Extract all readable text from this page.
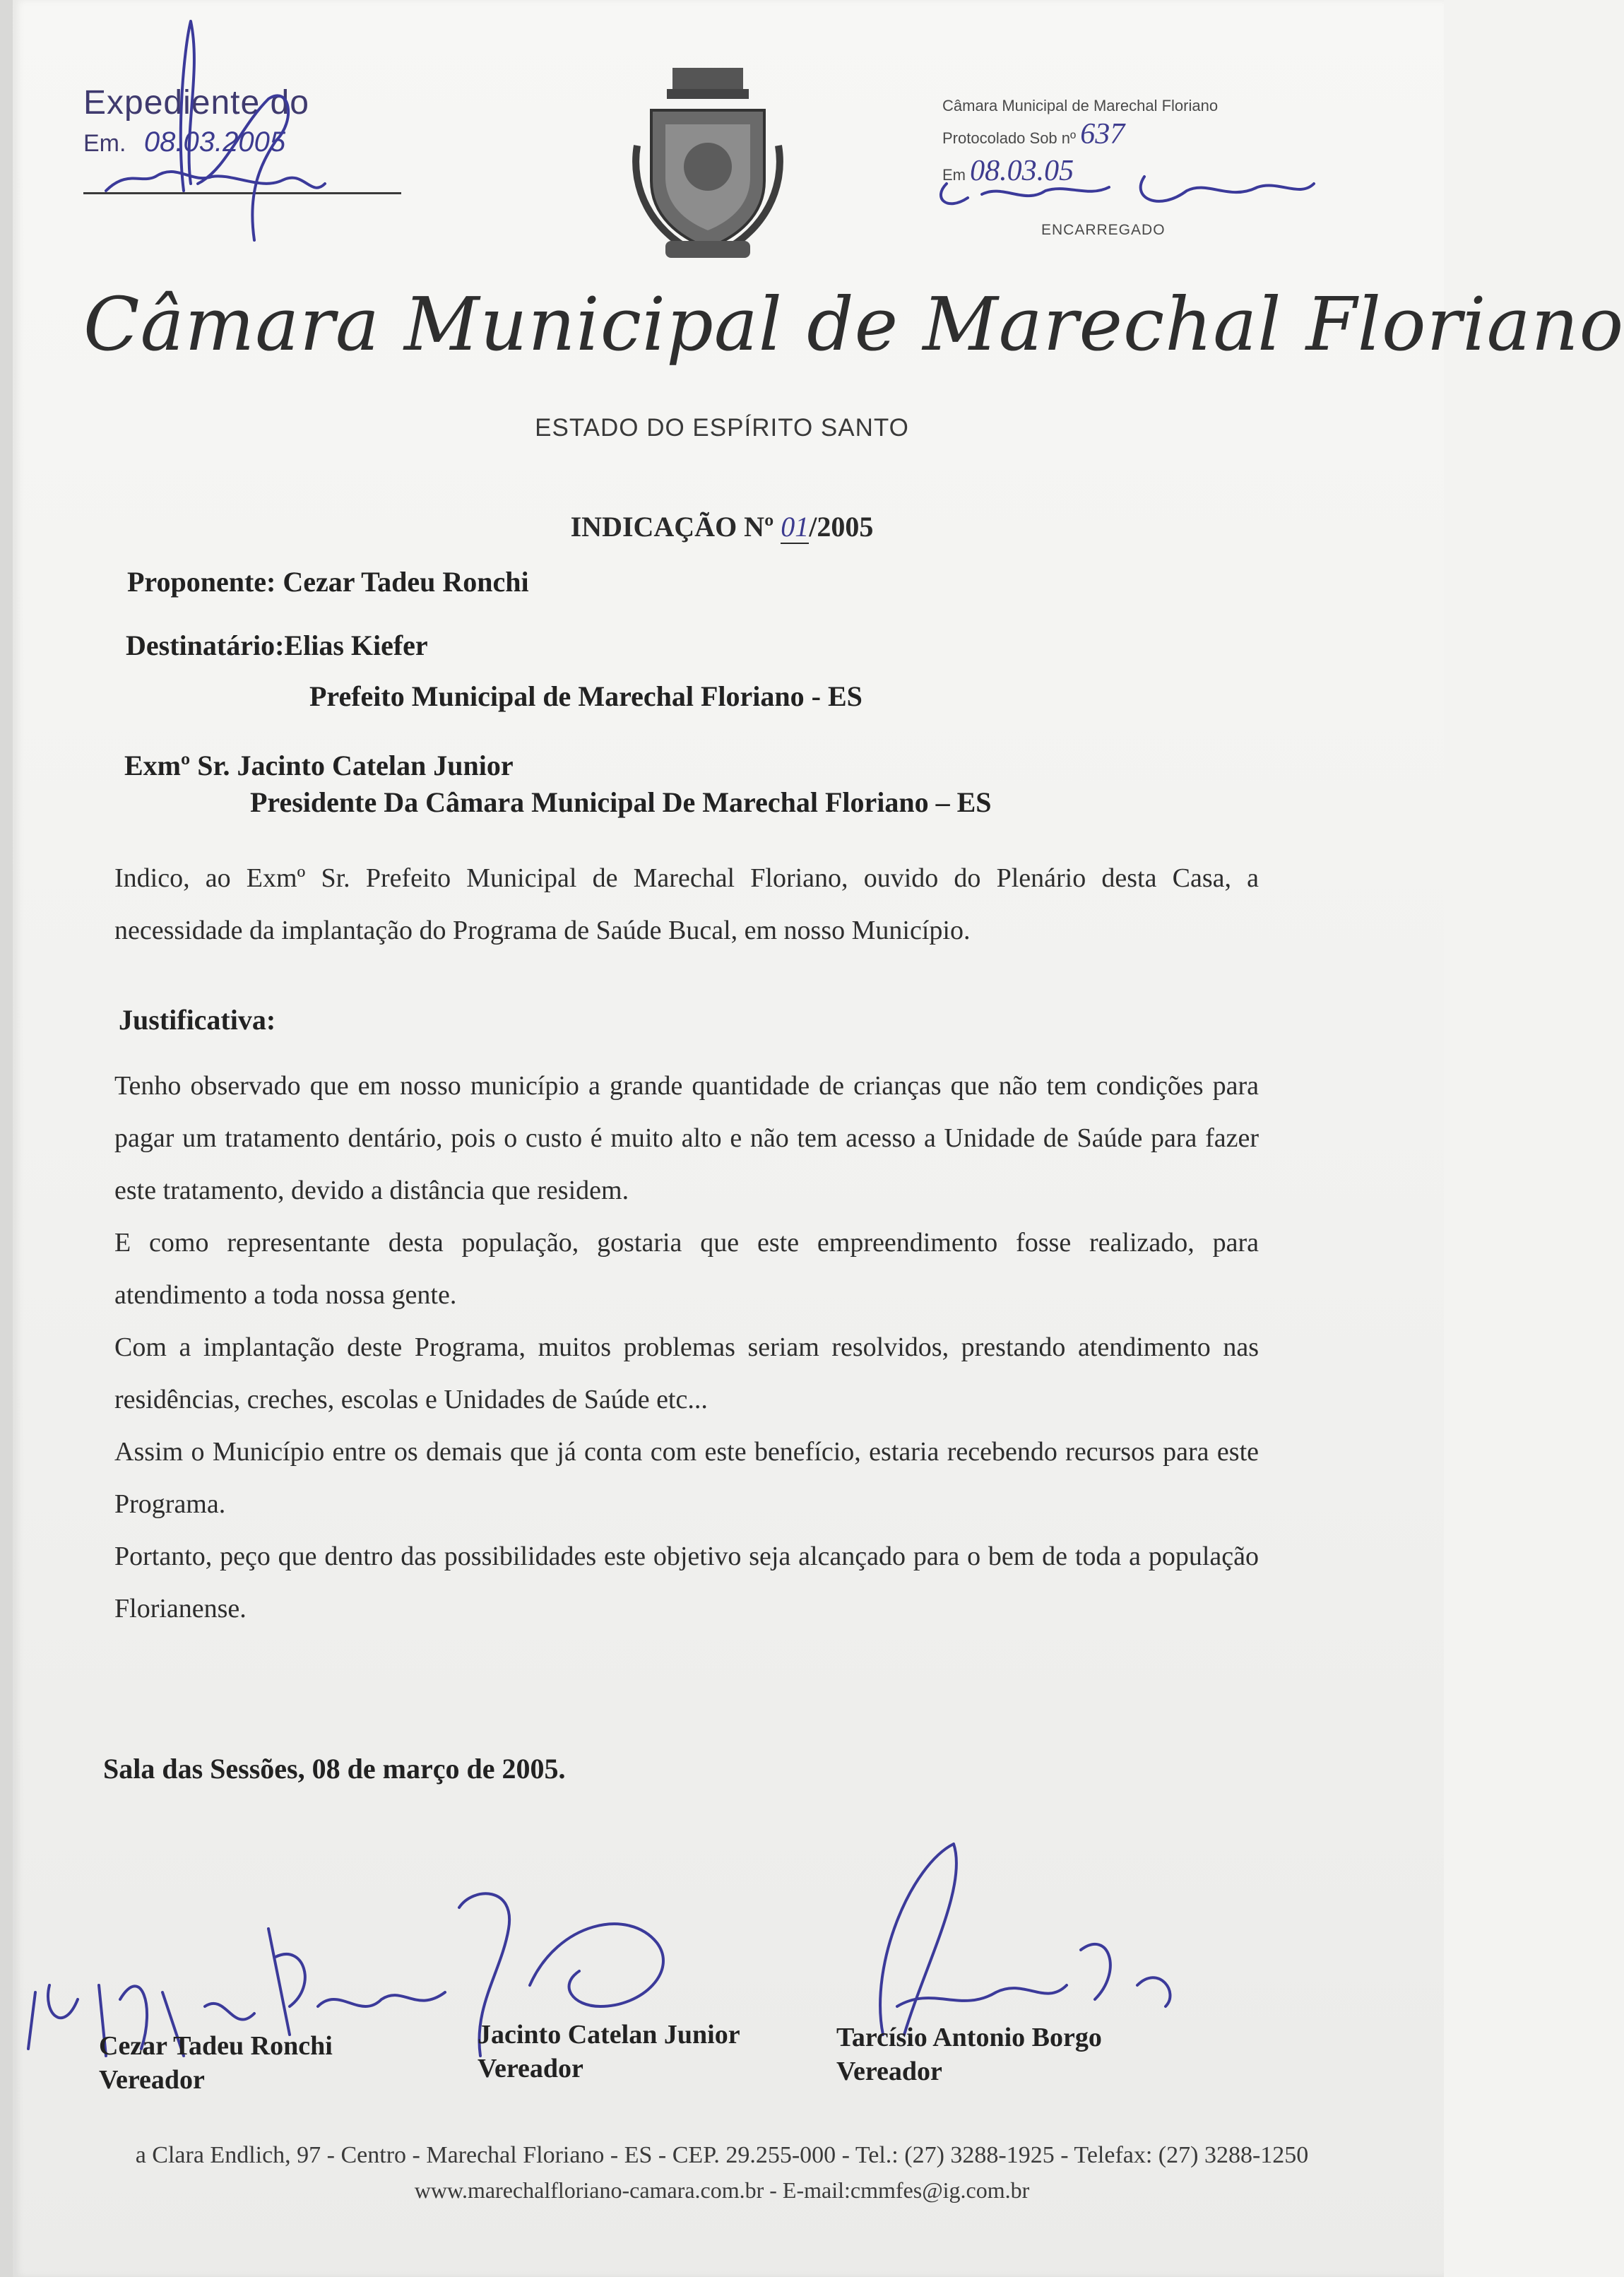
Expediente do
Em. 08.03.2005
Câmara Municipal de Marechal Floriano
Protocolado Sob nº 637
Em 08.03.05
ENCARREGADO
Câmara Municipal de Marechal Floriano
ESTADO DO ESPÍRITO SANTO
INDICAÇÃO Nº 01/2005
Proponente: Cezar Tadeu Ronchi
Destinatário:Elias Kiefer
Prefeito Municipal de Marechal Floriano - ES
Exmº Sr. Jacinto Catelan Junior
Presidente Da Câmara Municipal De Marechal Floriano – ES
Indico, ao Exmº Sr. Prefeito Municipal de Marechal Floriano, ouvido do Plenário desta Casa, a necessidade da implantação do Programa de Saúde Bucal, em nosso Município.
Justificativa:
Tenho observado que em nosso município a grande quantidade de crianças que não tem condições para pagar um tratamento dentário, pois o custo é muito alto e não tem acesso a Unidade de Saúde para fazer este tratamento, devido a distância que residem.
E como representante desta população, gostaria que este empreendimento fosse realizado, para atendimento a toda nossa gente.
Com a implantação deste Programa, muitos problemas seriam resolvidos, prestando atendimento nas residências, creches, escolas e Unidades de Saúde etc...
Assim o Município entre os demais que já conta com este benefício, estaria recebendo recursos para este Programa.
Portanto, peço que dentro das possibilidades este objetivo seja alcançado para o bem de toda a população Florianense.
Sala das Sessões, 08 de março de 2005.
Cezar Tadeu Ronchi
Vereador
Jacinto Catelan Junior
Vereador
Tarcísio Antonio Borgo
Vereador
a Clara Endlich, 97 - Centro - Marechal Floriano - ES - CEP. 29.255-000 - Tel.: (27) 3288-1925 - Telefax: (27) 3288-1250
www.marechalfloriano-camara.com.br - E-mail:cmmfes@ig.com.br
